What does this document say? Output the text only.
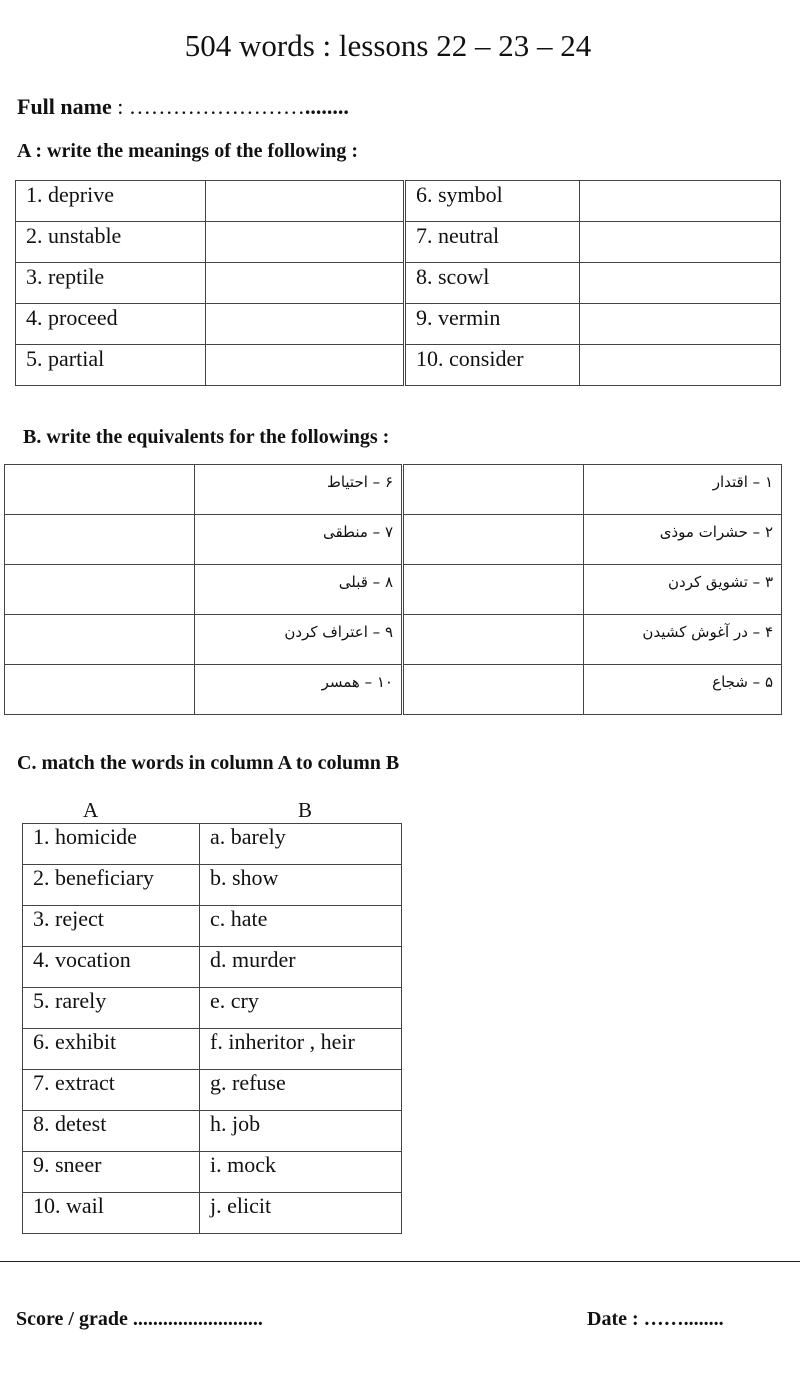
504 words : lessons 22 – 23 – 24
Full name : ……………………........
A : write the meanings of the following :
1. deprive		6. symbol	
2. unstable		7. neutral	
3. reptile		8. scowl	
4. proceed		9. vermin	
5. partial		10. consider	
B. write the equivalents for the followings :
	۶ – احتیاط		۱ – اقتدار
	۷ – منطقی		۲ – حشرات موذی
	۸ – قبلی		۳ – تشویق کردن
	۹ – اعتراف کردن		۴ – در آغوش کشیدن
	۱۰ – همسر		۵ – شجاع
C. match the words in column A to column B
A	B
1. homicide	a. barely
2. beneficiary	b. show
3. reject	c. hate
4. vocation	d. murder
5. rarely	e. cry
6. exhibit	f. inheritor , heir
7. extract	g. refuse
8. detest	h. job
9. sneer	i. mock
10. wail	j. elicit
Score / grade ..........................	Date : ……........
